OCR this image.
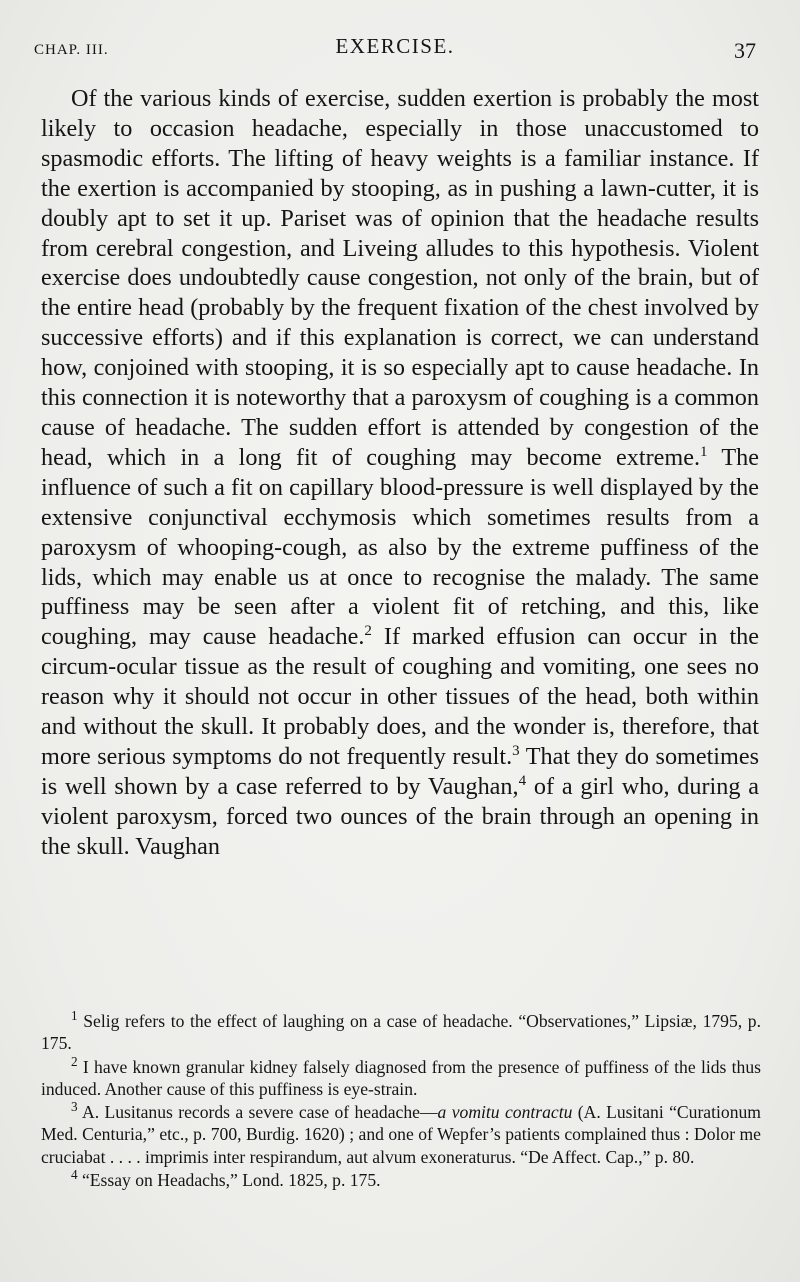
CHAP. III.	EXERCISE.	37

Of the various kinds of exercise, sudden exertion is probably the most likely to occasion headache, especially in those unaccustomed to spasmodic efforts. The lifting of heavy weights is a familiar instance. If the exertion is accompanied by stooping, as in pushing a lawn-cutter, it is doubly apt to set it up. Pariset was of opinion that the headache results from cerebral congestion, and Liveing alludes to this hypothesis. Violent exercise does undoubtedly cause congestion, not only of the brain, but of the entire head (probably by the frequent fixation of the chest involved by successive efforts) and if this explanation is correct, we can understand how, conjoined with stooping, it is so especially apt to cause headache. In this connection it is noteworthy that a paroxysm of coughing is a common cause of headache. The sudden effort is attended by congestion of the head, which in a long fit of coughing may become extreme.$^1$ The influence of such a fit on capillary blood-pressure is well displayed by the extensive conjunctival ecchymosis which sometimes results from a paroxysm of whooping-cough, as also by the extreme puffiness of the lids, which may enable us at once to recognise the malady. The same puffiness may be seen after a violent fit of retching, and this, like coughing, may cause headache.$^2$ If marked effusion can occur in the circum-ocular tissue as the result of coughing and vomiting, one sees no reason why it should not occur in other tissues of the head, both within and without the skull. It probably does, and the wonder is, therefore, that more serious symptoms do not frequently result.$^3$ That they do sometimes is well shown by a case referred to by Vaughan,$^4$ of a girl who, during a violent paroxysm, forced two ounces of the brain through an opening in the skull. Vaughan

$^1$ Selig refers to the effect of laughing on a case of headache. “Observationes,” Lipsiæ, 1795, p. 175.

$^2$ I have known granular kidney falsely diagnosed from the presence of puffiness of the lids thus induced. Another cause of this puffiness is eye-strain.

$^3$ A. Lusitanus records a severe case of headache—a vomitu contractu (A. Lusitani “Curationum Med. Centuria,” etc., p. 700, Burdig. 1620) ; and one of Wepfer’s patients complained thus : Dolor me cruciabat . . . . imprimis inter respirandum, aut alvum exoneraturus. “De Affect. Cap.,” p. 80.

$^4$ “Essay on Headachs,” Lond. 1825, p. 175.
